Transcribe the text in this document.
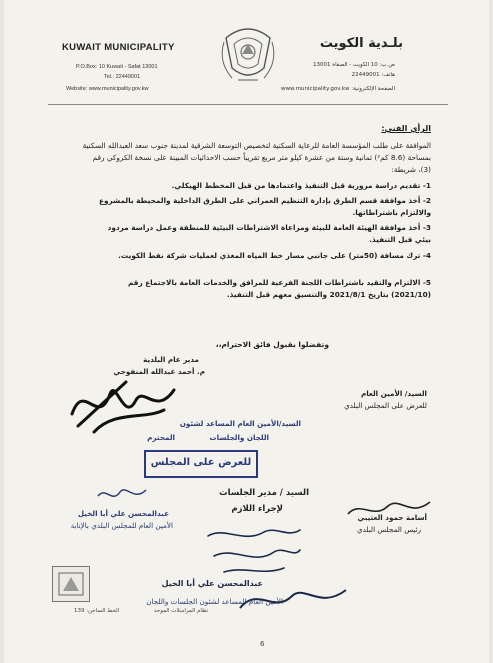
KUWAIT MUNICIPALITY
P.O.Box: 10 Kuwait - Safat 13001
Tel.: 22449001
Website: www.municipality.gov.kw
بلـدية الكويت
ص.ب: 10 الكويت - الصفاة 13001
هاتف: 22449001
الصفحة الإلكترونية: www.municipality.gov.kw
الرأي الفني:
الموافقة على طلب المؤسسة العامة للرعاية السكنية لتخصيص التوسعة الشرقية لمدينة جنوب سعد العبدالله السكنية بمساحة (8.6 كم²) ثمانية وستة من عشرة كيلو متر مربع تقريباً حسب الاحداثيات المبينة على نسخة الكروكي رقم (3)، شريطة:
1- تقديم دراسة مرورية قبل التنفيذ واعتمادها من قبل المخطط الهيكلي.
2- أخذ موافقة قسم الطرق بإدارة التنظيم العمراني على الطرق الداخلية والمحيطة بالمشروع والالتزام باشتراطاتها.
3- أخذ موافقة الهيئة العامة للبيئة ومراعاة الاشتراطات البيئية للمنطقة وعمل دراسة مردود بيئي قبل التنفيذ.
4- ترك مسافة (50متر) على جانبي مسار خط المياه المغذي لعمليات شركة نفط الكويت.
5- الالتزام والتقيد باشتراطات اللجنة الفرعية للمرافق والخدمات العامة بالاجتماع رقم (2021/10) بتاريخ 2021/8/1 والتنسيق معهم قبل التنفيذ.
وتفضلوا بقبول فائق الاحترام،،
مدير عام البلدية
م. أحمد عبدالله المنفوحي
السيد/ الأمين العام
للعرض على المجلس البلدي
السيد/الأمين العام المساعد لشئون
اللجان والجلسات
المحترم
للعرض على المجلس
عبدالمحسن علي أبا الخيل
الأمين العام للمجلس البلدي بالإنابة
السيد / مدير الجلسات
لإجراء اللازم
أسامة حمود العتيبي
رئيس المجلس البلدي
عبدالمحسن علي أبا الخيل
الأمين العام المساعد لشئون الجلسات واللجان
الخط الساخن: 139	نظام المراسلات الموحد
6
